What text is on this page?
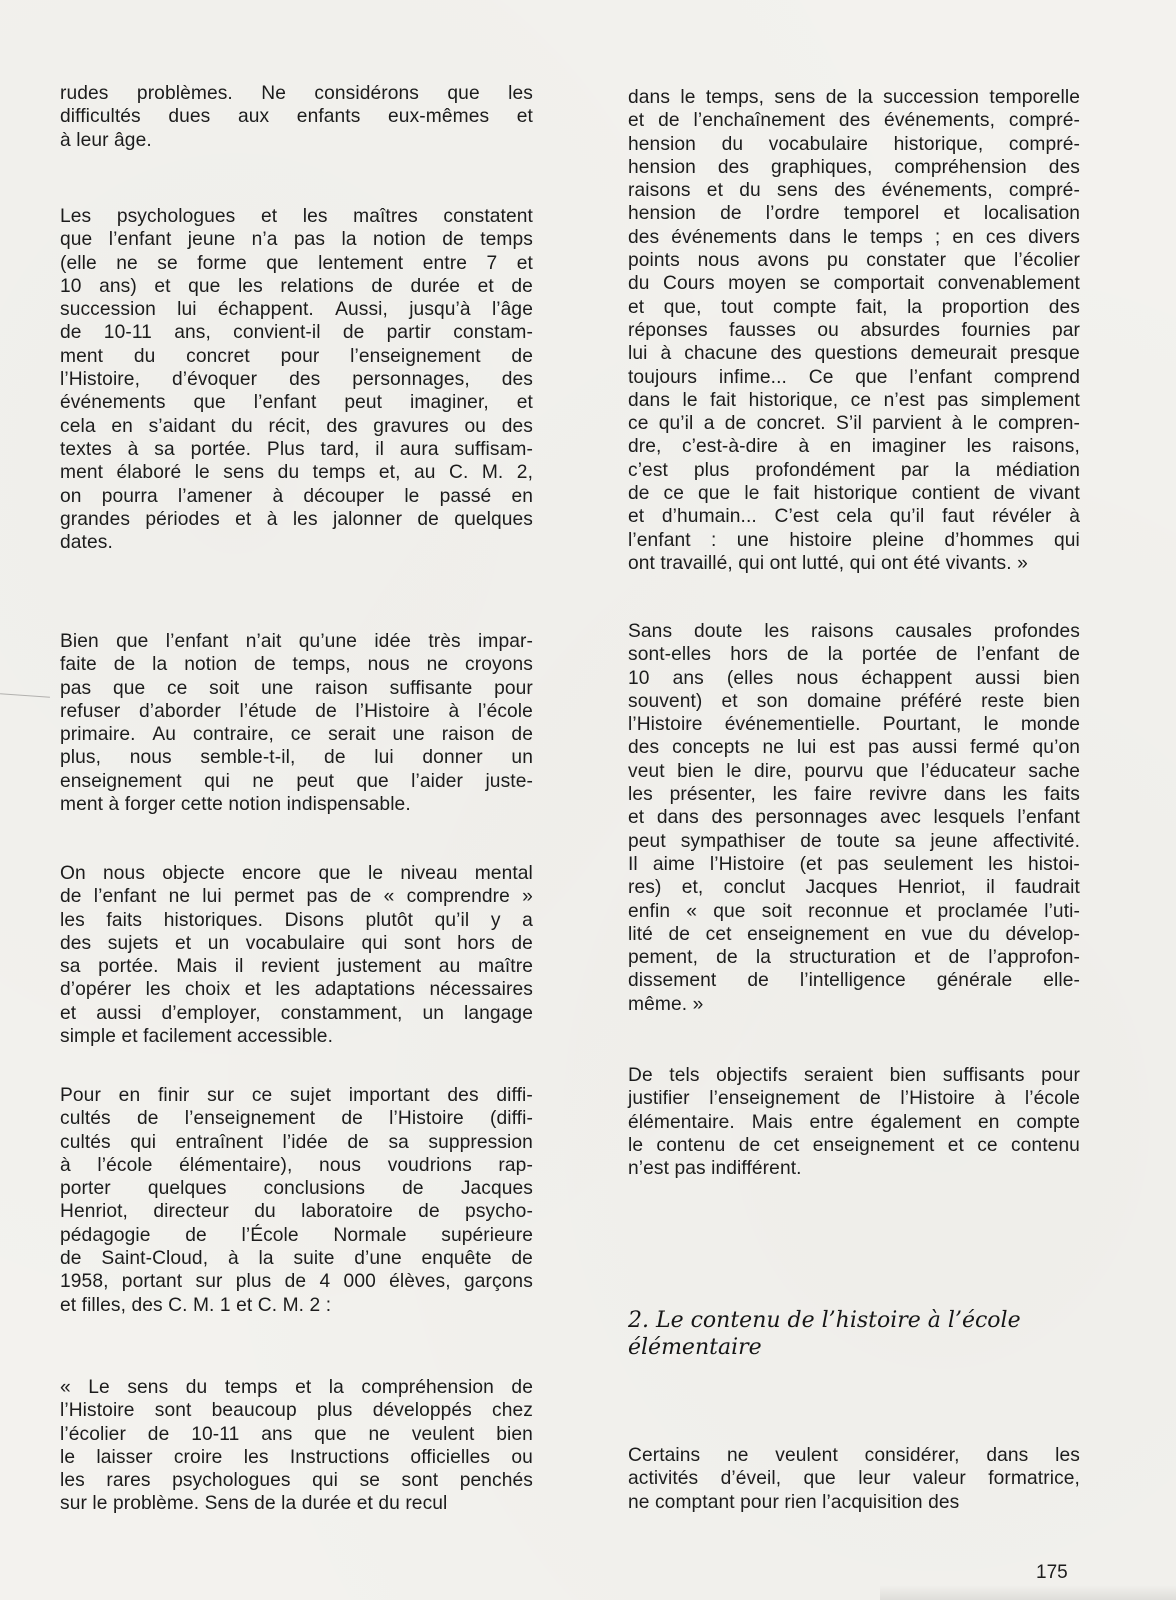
rudes problèmes. Ne considérons que les
difficultés dues aux enfants eux-mêmes et
à leur âge.
Les psychologues et les maîtres constatent
que l’enfant jeune n’a pas la notion de temps
(elle ne se forme que lentement entre 7 et
10 ans) et que les relations de durée et de
succession lui échappent. Aussi, jusqu’à l’âge
de 10-11 ans, convient-il de partir constam-
ment du concret pour l’enseignement de
l’Histoire, d’évoquer des personnages, des
événements que l’enfant peut imaginer, et
cela en s’aidant du récit, des gravures ou des
textes à sa portée. Plus tard, il aura suffisam-
ment élaboré le sens du temps et, au C. M. 2,
on pourra l’amener à découper le passé en
grandes périodes et à les jalonner de quelques
dates.
Bien que l’enfant n’ait qu’une idée très impar-
faite de la notion de temps, nous ne croyons
pas que ce soit une raison suffisante pour
refuser d’aborder l’étude de l’Histoire à l’école
primaire. Au contraire, ce serait une raison de
plus, nous semble-t-il, de lui donner un
enseignement qui ne peut que l’aider juste-
ment à forger cette notion indispensable.
On nous objecte encore que le niveau mental
de l’enfant ne lui permet pas de « comprendre »
les faits historiques. Disons plutôt qu’il y a
des sujets et un vocabulaire qui sont hors de
sa portée. Mais il revient justement au maître
d’opérer les choix et les adaptations nécessaires
et aussi d’employer, constamment, un langage
simple et facilement accessible.
Pour en finir sur ce sujet important des diffi-
cultés de l’enseignement de l’Histoire (diffi-
cultés qui entraînent l’idée de sa suppression
à l’école élémentaire), nous voudrions rap-
porter quelques conclusions de Jacques
Henriot, directeur du laboratoire de psycho-
pédagogie de l’École Normale supérieure
de Saint-Cloud, à la suite d’une enquête de
1958, portant sur plus de 4 000 élèves, garçons
et filles, des C. M. 1 et C. M. 2 :
« Le sens du temps et la compréhension de
l’Histoire sont beaucoup plus développés chez
l’écolier de 10-11 ans que ne veulent bien
le laisser croire les Instructions officielles ou
les rares psychologues qui se sont penchés
sur le problème. Sens de la durée et du recul
dans le temps, sens de la succession temporelle
et de l’enchaînement des événements, compré-
hension du vocabulaire historique, compré-
hension des graphiques, compréhension des
raisons et du sens des événements, compré-
hension de l’ordre temporel et localisation
des événements dans le temps ; en ces divers
points nous avons pu constater que l’écolier
du Cours moyen se comportait convenablement
et que, tout compte fait, la proportion des
réponses fausses ou absurdes fournies par
lui à chacune des questions demeurait presque
toujours infime... Ce que l’enfant comprend
dans le fait historique, ce n’est pas simplement
ce qu’il a de concret. S’il parvient à le compren-
dre, c’est-à-dire à en imaginer les raisons,
c’est plus profondément par la médiation
de ce que le fait historique contient de vivant
et d’humain... C’est cela qu’il faut révéler à
l’enfant : une histoire pleine d’hommes qui
ont travaillé, qui ont lutté, qui ont été vivants. »
Sans doute les raisons causales profondes
sont-elles hors de la portée de l’enfant de
10 ans (elles nous échappent aussi bien
souvent) et son domaine préféré reste bien
l’Histoire événementielle. Pourtant, le monde
des concepts ne lui est pas aussi fermé qu’on
veut bien le dire, pourvu que l’éducateur sache
les présenter, les faire revivre dans les faits
et dans des personnages avec lesquels l’enfant
peut sympathiser de toute sa jeune affectivité.
Il aime l’Histoire (et pas seulement les histoi-
res) et, conclut Jacques Henriot, il faudrait
enfin « que soit reconnue et proclamée l’uti-
lité de cet enseignement en vue du dévelop-
pement, de la structuration et de l’approfon-
dissement de l’intelligence générale elle-
même. »
De tels objectifs seraient bien suffisants pour
justifier l’enseignement de l’Histoire à l’école
élémentaire. Mais entre également en compte
le contenu de cet enseignement et ce contenu
n’est pas indifférent.
Certains ne veulent considérer, dans les
activités d’éveil, que leur valeur formatrice,
ne comptant pour rien l’acquisition des
2. Le contenu de l’histoire à l’école
élémentaire
175
